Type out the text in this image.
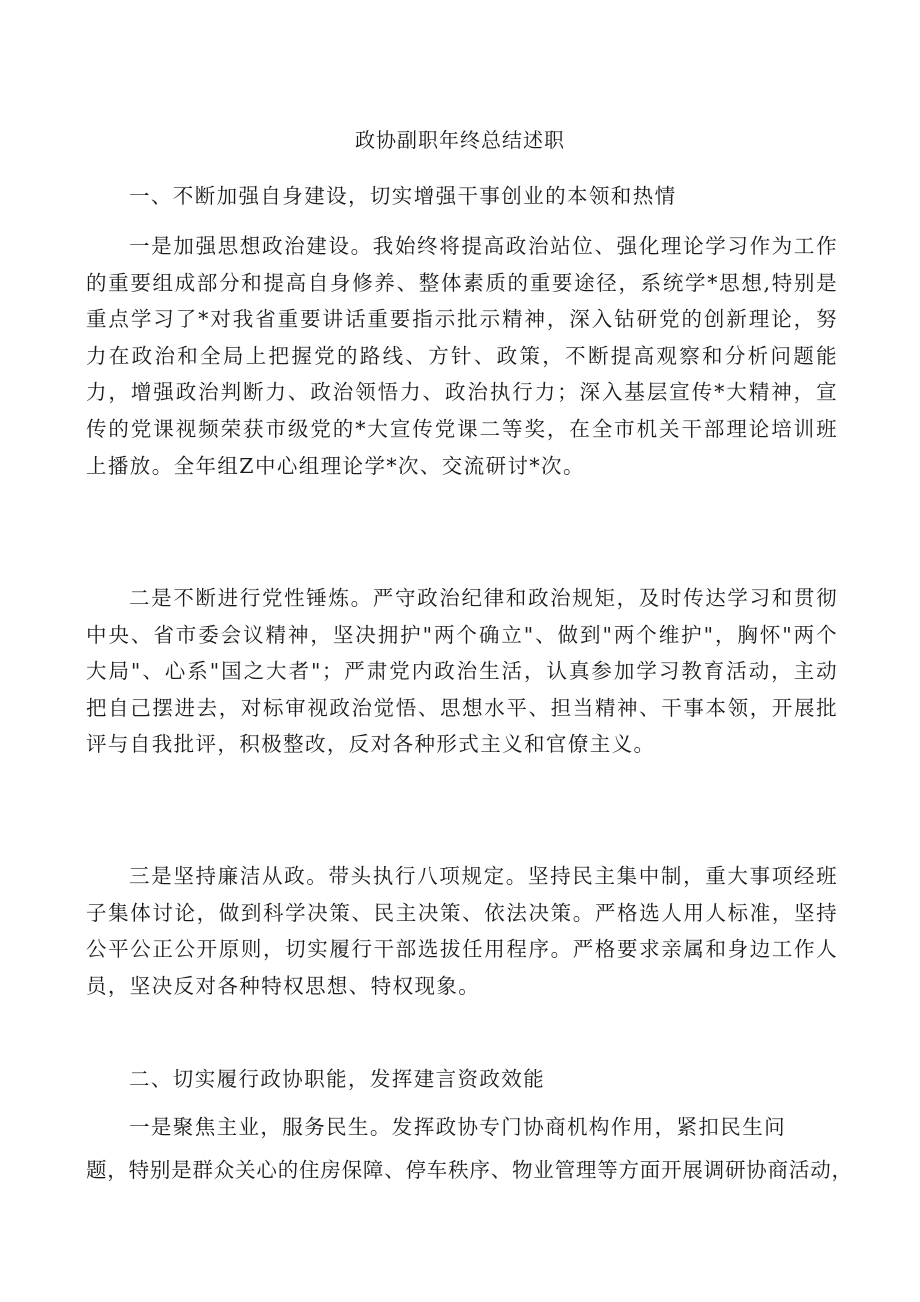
政协副职年终总结述职

一、不断加强自身建设，切实增强干事创业的本领和热情

一是加强思想政治建设。我始终将提高政治站位、强化理论学习作为工作的重要组成部分和提高自身修养、整体素质的重要途径，系统学*思想,特别是重点学习了*对我省重要讲话重要指示批示精神，深入钻研党的创新理论，努力在政治和全局上把握党的路线、方针、政策，不断提高观察和分析问题能力，增强政治判断力、政治领悟力、政治执行力；深入基层宣传*大精神，宣传的党课视频荣获市级党的*大宣传党课二等奖，在全市机关干部理论培训班上播放。全年组Z中心组理论学*次、交流研讨*次。

二是不断进行党性锤炼。严守政治纪律和政治规矩，及时传达学习和贯彻中央、省市委会议精神，坚决拥护"两个确立"、做到"两个维护"，胸怀"两个大局"、心系"国之大者"；严肃党内政治生活，认真参加学习教育活动，主动把自己摆进去，对标审视政治觉悟、思想水平、担当精神、干事本领，开展批评与自我批评，积极整改，反对各种形式主义和官僚主义。

三是坚持廉洁从政。带头执行八项规定。坚持民主集中制，重大事项经班子集体讨论，做到科学决策、民主决策、依法决策。严格选人用人标准，坚持公平公正公开原则，切实履行干部选拔任用程序。严格要求亲属和身边工作人员，坚决反对各种特权思想、特权现象。

二、切实履行政协职能，发挥建言资政效能

一是聚焦主业，服务民生。发挥政协专门协商机构作用，紧扣民生问
题，特别是群众关心的住房保障、停车秩序、物业管理等方面开展调研协商活动，
